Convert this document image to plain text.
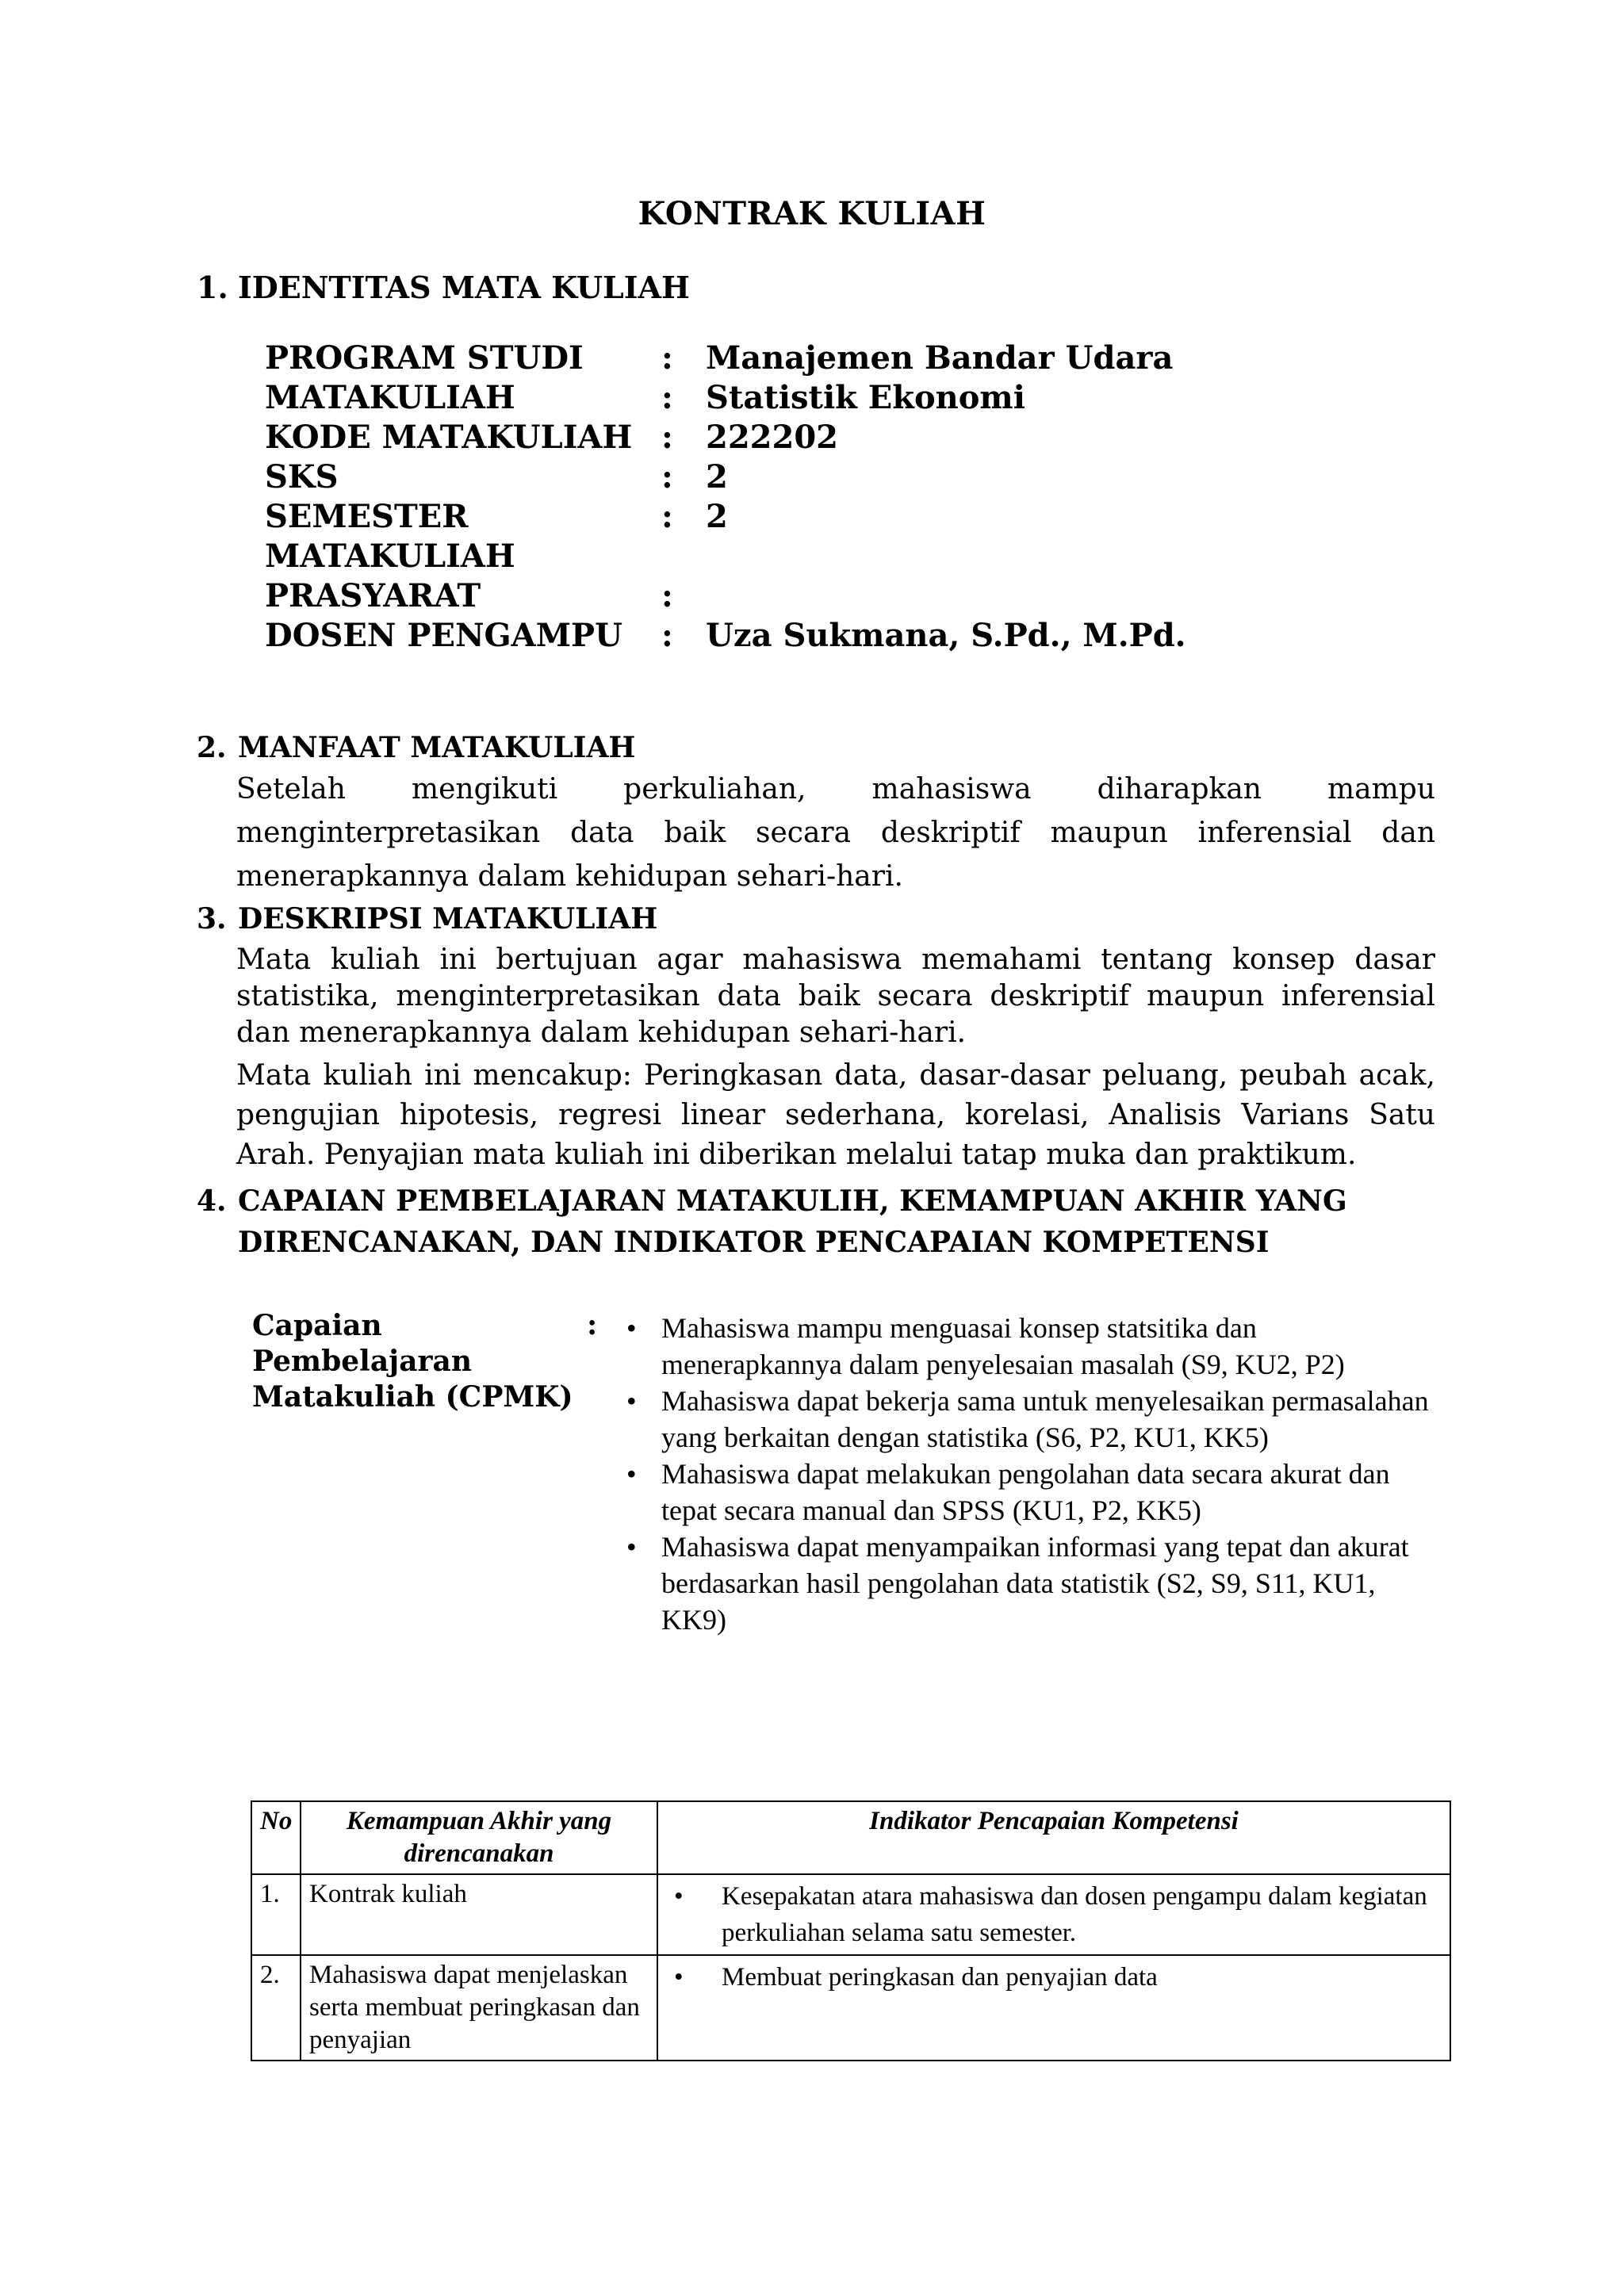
KONTRAK KULIAH
1. IDENTITAS MATA KULIAH
PROGRAM STUDI : Manajemen Bandar Udara
MATAKULIAH	: Statistik Ekonomi
KODE MATAKULIAH : 222202
SKS	: 2
SEMESTER	: 2
MATAKULIAH
PRASYARAT	:
DOSEN PENGAMPU : Uza Sukmana, S.Pd., M.Pd.
2. MANFAAT MATAKULIAH
Setelah mengikuti perkuliahan, mahasiswa diharapkan mampu menginterpretasikan data baik secara deskriptif maupun inferensial dan menerapkannya dalam kehidupan sehari-hari.
3. DESKRIPSI MATAKULIAH
Mata kuliah ini bertujuan agar mahasiswa memahami tentang konsep dasar statistika, menginterpretasikan data baik secara deskriptif maupun inferensial dan menerapkannya dalam kehidupan sehari-hari.
Mata kuliah ini mencakup: Peringkasan data, dasar-dasar peluang, peubah acak, pengujian hipotesis, regresi linear sederhana, korelasi, Analisis Varians Satu Arah. Penyajian mata kuliah ini diberikan melalui tatap muka dan praktikum.
4. CAPAIAN PEMBELAJARAN MATAKULIH, KEMAMPUAN AKHIR YANG
DIRENCANAKAN, DAN INDIKATOR PENCAPAIAN KOMPETENSI
Capaian
Pembelajaran
Matakuliah (CPMK)
: • Mahasiswa mampu menguasai konsep statsitika dan menerapkannya dalam penyelesaian masalah (S9, KU2, P2)
• Mahasiswa dapat bekerja sama untuk menyelesaikan permasalahan yang berkaitan dengan statistika (S6, P2, KU1, KK5)
• Mahasiswa dapat melakukan pengolahan data secara akurat dan tepat secara manual dan SPSS (KU1, P2, KK5)
• Mahasiswa dapat menyampaikan informasi yang tepat dan akurat berdasarkan hasil pengolahan data statistik (S2, S9, S11, KU1, KK9)
No	Kemampuan Akhir yang direncanakan	Indikator Pencapaian Kompetensi
1.	Kontrak kuliah	• Kesepakatan atara mahasiswa dan dosen pengampu dalam kegiatan perkuliahan selama satu semester.

2.	Mahasiswa dapat menjelaskan serta membuat peringkasan dan penyajian	• Membuat peringkasan dan penyajian data
